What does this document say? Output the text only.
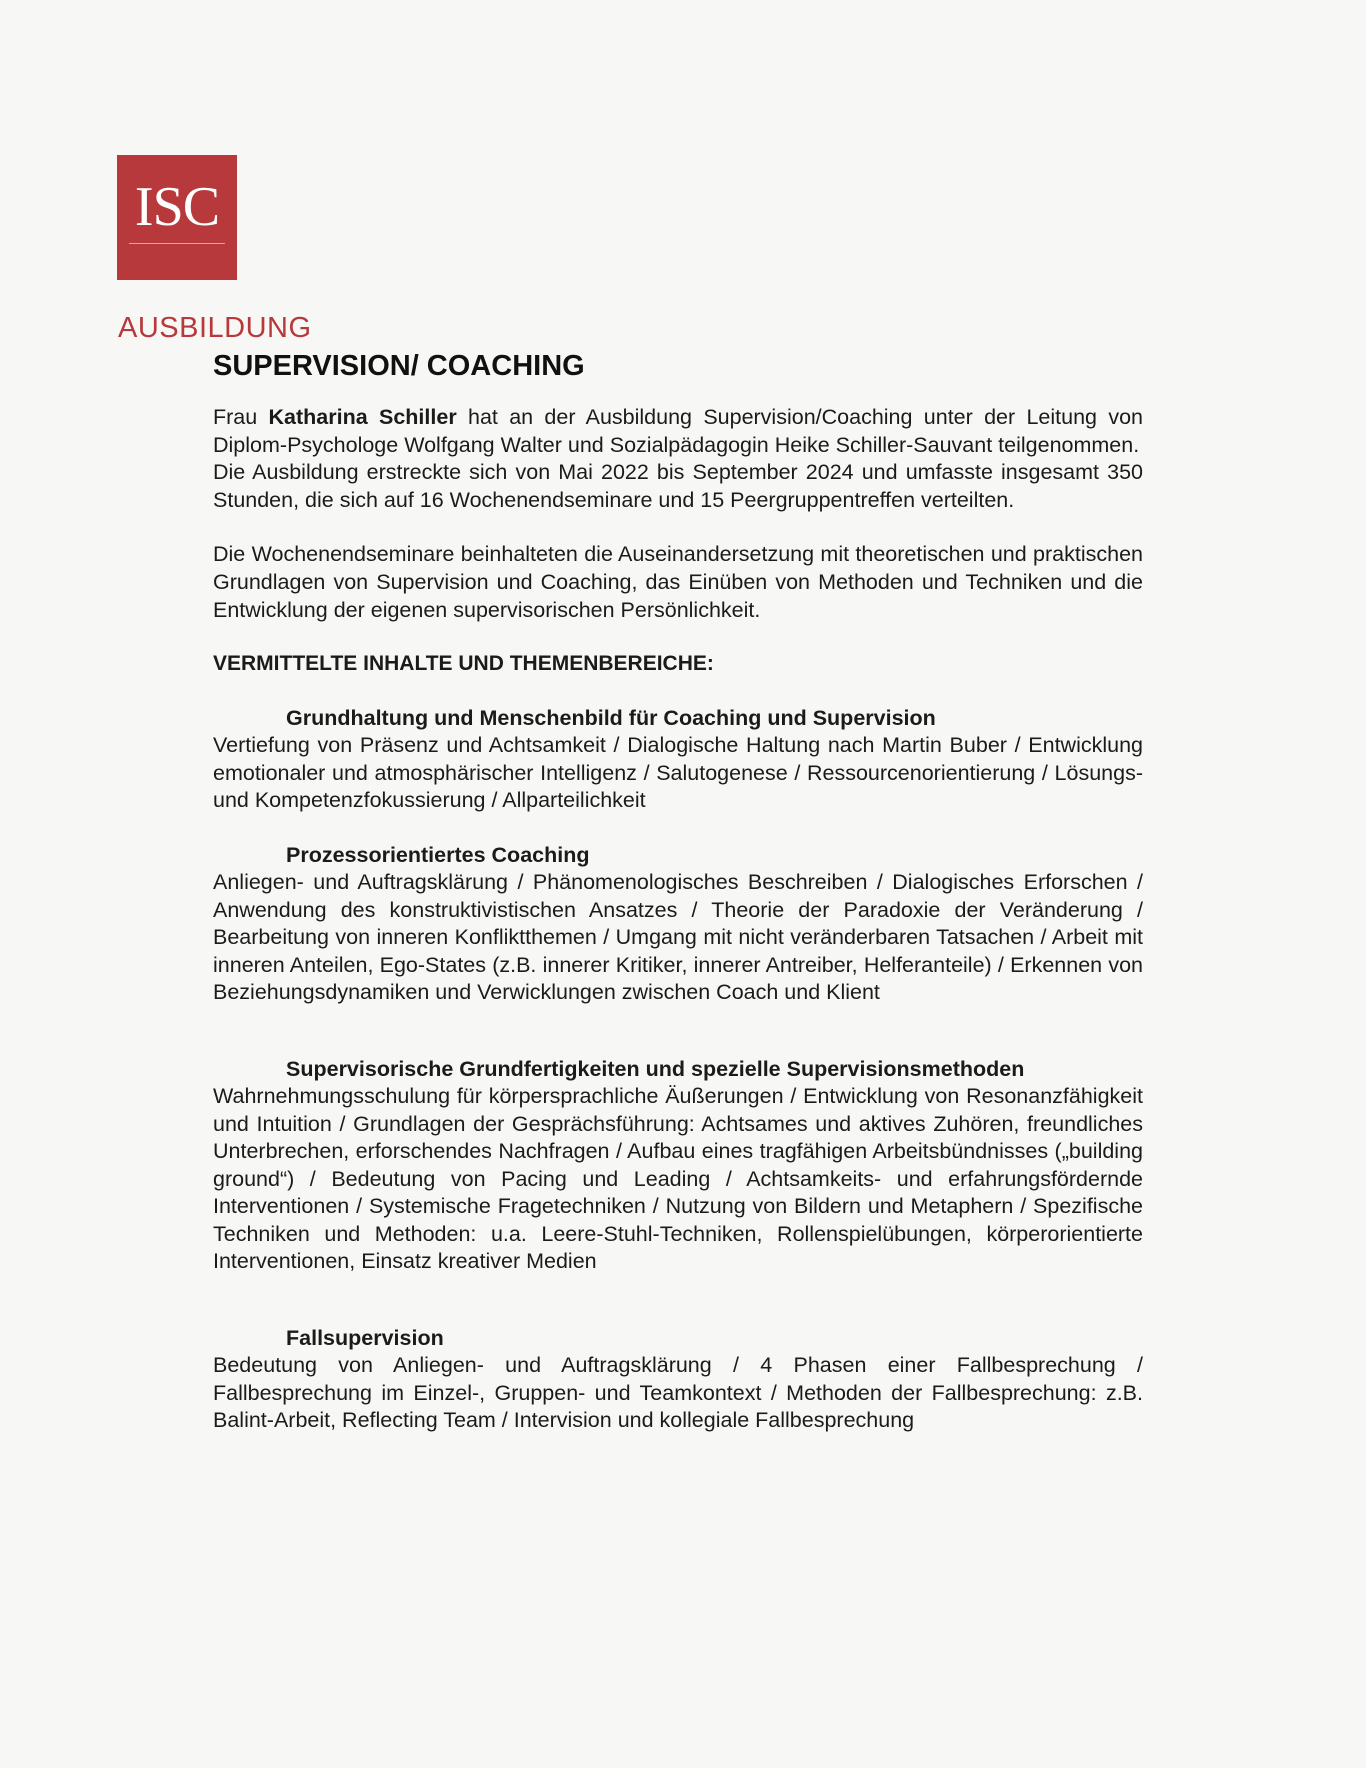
ISC
AUSBILDUNG
SUPERVISION/ COACHING

Frau Katharina Schiller hat an der Ausbildung Supervision/Coaching unter der Leitung von Diplom-Psychologe Wolfgang Walter und Sozialpädagogin Heike Schiller-Sauvant teilgenommen.

Die Ausbildung erstreckte sich von Mai 2022 bis September 2024 und umfasste insgesamt 350 Stunden, die sich auf 16 Wochenendseminare und 15 Peergruppentreffen verteilten.

Die Wochenendseminare beinhalteten die Auseinandersetzung mit theoretischen und praktischen Grundlagen von Supervision und Coaching, das Einüben von Methoden und Techniken und die Entwicklung der eigenen supervisorischen Persönlichkeit.

VERMITTELTE INHALTE UND THEMENBEREICHE:

Grundhaltung und Menschenbild für Coaching und Supervision

Vertiefung von Präsenz und Achtsamkeit / Dialogische Haltung nach Martin Buber / Entwicklung emotionaler und atmosphärischer Intelligenz / Salutogenese / Ressourcenorientierung / Lösungs- und Kompetenzfokussierung / Allparteilichkeit

Prozessorientiertes Coaching

Anliegen- und Auftragsklärung / Phänomenologisches Beschreiben / Dialogisches Erforschen / Anwendung des konstruktivistischen Ansatzes / Theorie der Paradoxie der Veränderung / Bearbeitung von inneren Konfliktthemen / Umgang mit nicht veränderbaren Tatsachen / Arbeit mit inneren Anteilen, Ego-States (z.B. innerer Kritiker, innerer Antreiber, Helferanteile) / Erkennen von Beziehungsdynamiken und Verwicklungen zwischen Coach und Klient

Supervisorische Grundfertigkeiten und spezielle Supervisionsmethoden

Wahrnehmungsschulung für körpersprachliche Äußerungen / Entwicklung von Resonanzfähigkeit und Intuition / Grundlagen der Gesprächsführung: Achtsames und aktives Zuhören, freundliches Unterbrechen, erforschendes Nachfragen / Aufbau eines tragfähigen Arbeitsbündnisses („building ground“) / Bedeutung von Pacing und Leading / Achtsamkeits- und erfahrungsfördernde Interventionen / Systemische Fragetechniken / Nutzung von Bildern und Metaphern / Spezifische Techniken und Methoden: u.a. Leere-Stuhl-Techniken, Rollenspielübungen, körperorientierte Interventionen, Einsatz kreativer Medien

Fallsupervision

Bedeutung von Anliegen- und Auftragsklärung / 4 Phasen einer Fallbesprechung / Fallbesprechung im Einzel-, Gruppen- und Teamkontext / Methoden der Fallbesprechung: z.B. Balint-Arbeit, Reflecting Team / Intervision und kollegiale Fallbesprechung
